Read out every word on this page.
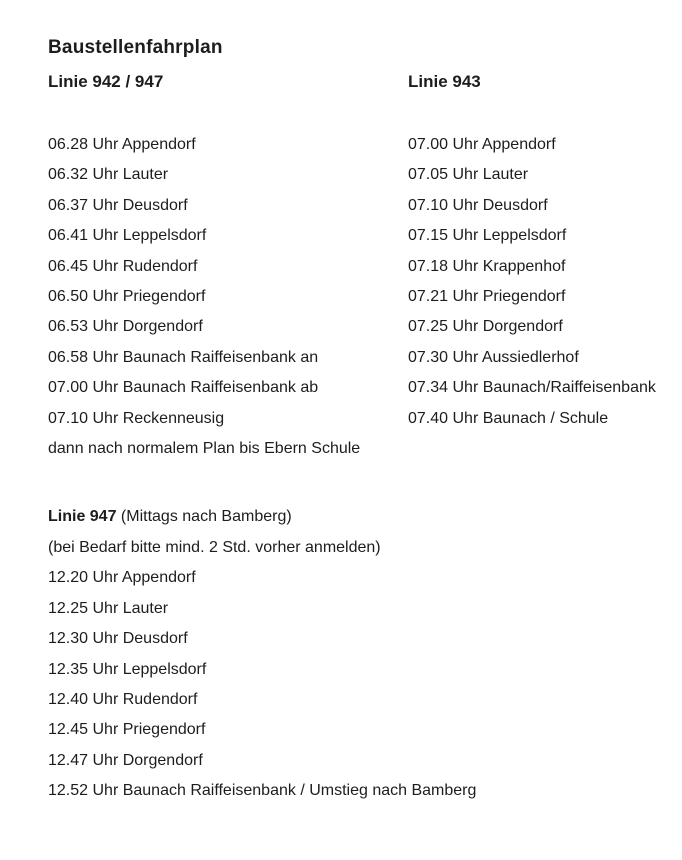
Baustellenfahrplan
Linie 942 / 947	Linie 943
06.28 Uhr Appendorf
06.32 Uhr Lauter
06.37 Uhr Deusdorf
06.41 Uhr Leppelsdorf
06.45 Uhr Rudendorf
06.50 Uhr Priegendorf
06.53 Uhr Dorgendorf
06.58 Uhr Baunach Raiffeisenbank an
07.00 Uhr Baunach Raiffeisenbank ab
07.10 Uhr Reckenneusig
dann nach normalem Plan bis Ebern Schule
07.00 Uhr Appendorf
07.05 Uhr Lauter
07.10 Uhr Deusdorf
07.15 Uhr Leppelsdorf
07.18 Uhr Krappenhof
07.21 Uhr Priegendorf
07.25 Uhr Dorgendorf
07.30 Uhr Aussiedlerhof
07.34 Uhr Baunach/Raiffeisenbank
07.40 Uhr Baunach / Schule
Linie 947 (Mittags nach Bamberg)
(bei Bedarf bitte mind. 2 Std. vorher anmelden)
12.20 Uhr Appendorf
12.25 Uhr Lauter
12.30 Uhr Deusdorf
12.35 Uhr Leppelsdorf
12.40 Uhr Rudendorf
12.45 Uhr Priegendorf
12.47 Uhr Dorgendorf
12.52 Uhr Baunach Raiffeisenbank / Umstieg nach Bamberg
